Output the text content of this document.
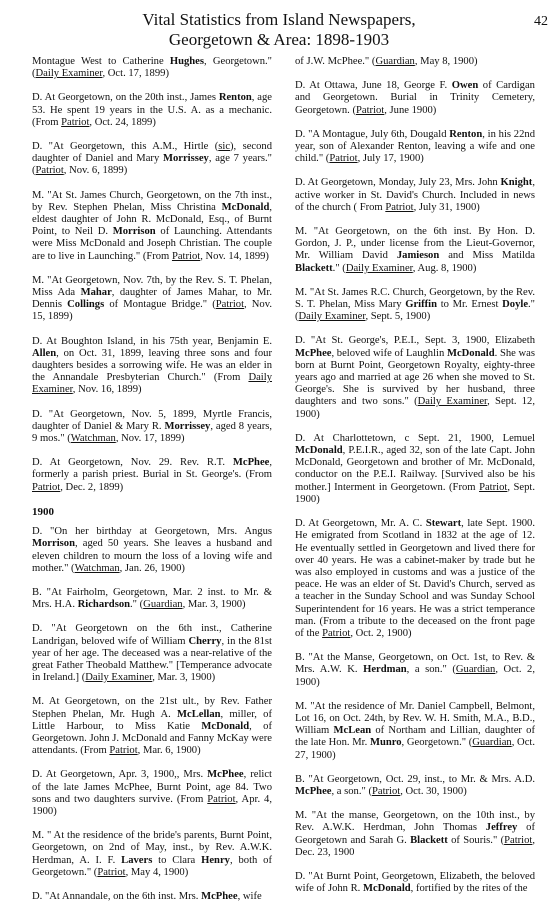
42
Vital Statistics from Island Newspapers,
Georgetown & Area: 1898-1903
Montague West to Catherine Hughes, Georgetown." (Daily Examiner, Oct. 17, 1899)
D. At Georgetown, on the 20th inst., James Renton, age 53. He spent 19 years in the U.S. A. as a mechanic. (From Patriot, Oct. 24, 1899)
D. "At Georgetown, this A.M., Hirtle (sic), second daughter of Daniel and Mary Morrissey, age 7 years." (Patriot, Nov. 6, 1899)
M. "At St. James Church, Georgetown, on the 7th inst., by Rev. Stephen Phelan, Miss Christina McDonald, eldest daughter of John R. McDonald, Esq., of Burnt Point, to Neil D. Morrison of Launching. Attendants were Miss McDonald and Joseph Christian. The couple are to live in Launching." (From Patriot, Nov. 14, 1899)
M. "At Georgetown, Nov. 7th, by the Rev. S. T. Phelan, Miss Ada Mahar, daughter of James Mahar, to Mr. Dennis Collings of Montague Bridge." (Patriot, Nov. 15, 1899)
D. At Boughton Island, in his 75th year, Benjamin E. Allen, on Oct. 31, 1899, leaving three sons and four daughters besides a sorrowing wife. He was an elder in the Annandale Presbyterian Church." (From Daily Examiner, Nov. 16, 1899)
D. "At Georgetown, Nov. 5, 1899, Myrtle Francis, daughter of Daniel & Mary R. Morrissey, aged 8 years, 9 mos." (Watchman, Nov. 17, 1899)
D. At Georgetown, Nov. 29. Rev. R.T. McPhee, formerly a parish priest. Burial in St. George's. (From Patriot, Dec. 2, 1899)
1900
D. "On her birthday at Georgetown, Mrs. Angus Morrison, aged 50 years. She leaves a husband and eleven children to mourn the loss of a loving wife and mother." (Watchman, Jan. 26, 1900)
B. "At Fairholm, Georgetown, Mar. 2 inst. to Mr. & Mrs. H.A. Richardson." (Guardian, Mar. 3, 1900)
D. "At Georgetown on the 6th inst., Catherine Landrigan, beloved wife of William Cherry, in the 81st year of her age. The deceased was a near-relative of the great Father Theobald Matthew." [Temperance advocate in Ireland.] (Daily Examiner, Mar. 3, 1900)
M. At Georgetown, on the 21st ult., by Rev. Father Stephen Phelan, Mr. Hugh A. McLellan, miller, of Little Harbour, to Miss Katie McDonald, of Georgetown. John J. McDonald and Fanny McKay were attendants. (From Patriot, Mar. 6, 1900)
D. At Georgetown, Apr. 3, 1900,, Mrs. McPhee, relict of the late James McPhee, Burnt Point, age 84. Two sons and two daughters survive. (From Patriot, Apr. 4, 1900)
M. " At the residence of the bride's parents, Burnt Point, Georgetown, on 2nd of May, inst., by Rev. A.W.K. Herdman, A. I. F. Lavers to Clara Henry, both of Georgetown." (Patriot, May 4, 1900)
D. "At Annandale, on the 6th inst. Mrs. McPhee, wife
of J.W. McPhee." (Guardian, May 8, 1900)
D. At Ottawa, June 18, George F. Owen of Cardigan and Georgetown. Burial in Trinity Cemetery, Georgetown. (Patriot, June 1900)
D. "A Montague, July 6th, Dougald Renton, in his 22nd year, son of Alexander Renton, leaving a wife and one child." (Patriot, July 17, 1900)
D. At Georgetown, Monday, July 23, Mrs. John Knight, active worker in St. David's Church. Included in news of the church ( From Patriot, July 31, 1900)
M. "At Georgetown, on the 6th inst. By Hon. D. Gordon, J. P., under license from the Lieut-Governor, Mr. William David Jamieson and Miss Matilda Blackett." (Daily Examiner, Aug. 8, 1900)
M. "At St. James R.C. Church, Georgetown, by the Rev. S. T. Phelan, Miss Mary Griffin to Mr. Ernest Doyle." (Daily Examiner, Sept. 5, 1900)
D. "At St. George's, P.E.I., Sept. 3, 1900, Elizabeth McPhee, beloved wife of Laughlin McDonald. She was born at Burnt Point, Georgetown Royalty, eighty-three years ago and married at age 26 when she moved to St. George's. She is survived by her husband, three daughters and two sons." (Daily Examiner, Sept. 12, 1900)
D. At Charlottetown, c Sept. 21, 1900, Lemuel McDonald, P.E.I.R., aged 32, son of the late Capt. John McDonald, Georgetown and brother of Mr. McDonald, conductor on the P.E.I. Railway. [Survived also be his mother.] Interment in Georgetown. (From Patriot, Sept. 1900)
D. At Georgetown, Mr. A. C. Stewart, late Sept. 1900. He emigrated from Scotland in 1832 at the age of 12. He eventually settled in Georgetown and lived there for over 40 years. He was a cabinet-maker by trade but he was also employed in customs and was a justice of the peace. He was an elder of St. David's Church, served as a teacher in the Sunday School and was Sunday School Superintendent for 16 years. He was a strict temperance man. (From a tribute to the deceased on the front page of the Patriot, Oct. 2, 1900)
B. "At the Manse, Georgetown, on Oct. 1st, to Rev. & Mrs. A.W. K. Herdman, a son." (Guardian, Oct. 2, 1900)
M. "At the residence of Mr. Daniel Campbell, Belmont, Lot 16, on Oct. 24th, by Rev. W. H. Smith, M.A., B.D., William McLean of Northam and Lillian, daughter of the late Hon. Mr. Munro, Georgetown." (Guardian, Oct. 27, 1900)
B. "At Georgetown, Oct. 29, inst., to Mr. & Mrs. A.D. McPhee, a son." (Patriot, Oct. 30, 1900)
M. "At the manse, Georgetown, on the 10th inst., by Rev. A.W.K. Herdman, John Thomas Jeffrey of Georgetown and Sarah G. Blackett of Souris." (Patriot, Dec. 23, 1900
D. "At Burnt Point, Georgetown, Elizabeth, the beloved wife of John R. McDonald, fortified by the rites of the
